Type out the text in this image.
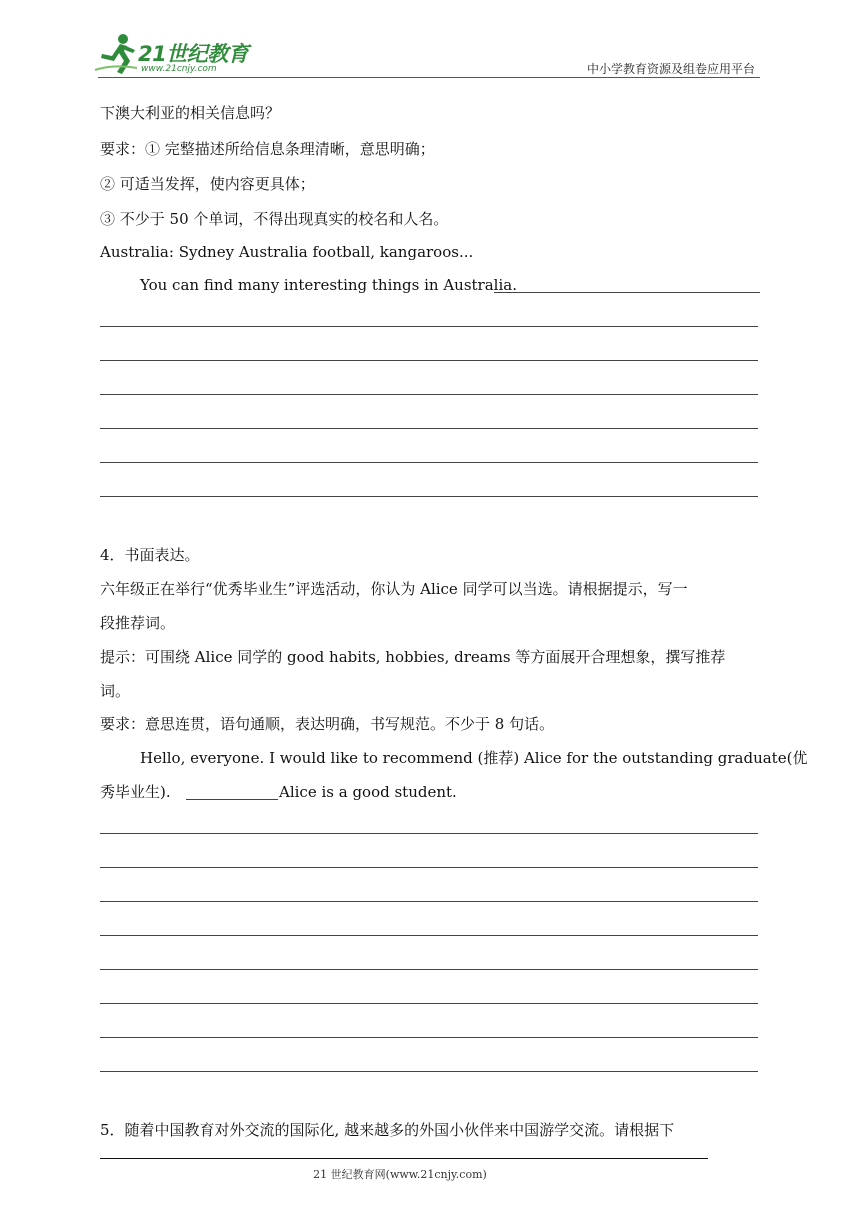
21世纪教育
www.21cnjy.com	中小学教育资源及组卷应用平台
下澳大利亚的相关信息吗？
要求：① 完整描述所给信息条理清晰，意思明确；
② 可适当发挥，使内容更具体；
③ 不少于 50 个单词，不得出现真实的校名和人名。
Australia: Sydney Australia football, kangaroos...
You can find many interesting things in Australia.
4．书面表达。
六年级正在举行“优秀毕业生”评选活动，你认为 Alice 同学可以当选。请根据提示，写一
段推荐词。
提示：可围绕 Alice 同学的 good habits, hobbies, dreams 等方面展开合理想象，撰写推荐
词。
要求：意思连贯，语句通顺，表达明确，书写规范。不少于 8 句话。
Hello, everyone. I would like to recommend (推荐) Alice for the outstanding graduate(优
秀毕业生).	Alice is a good student.
5．随着中国教育对外交流的国际化, 越来越多的外国小伙伴来中国游学交流。请根据下
21 世纪教育网(www.21cnjy.com)
